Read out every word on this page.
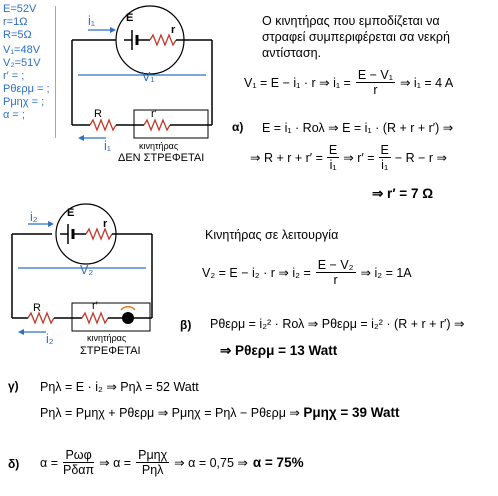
E=52V
r=1Ω
R=5Ω
V₁=48V
V₂=51V
r′ = ;
Pθερμ = ;
Pμηχ = ;
α = ;
i₁	E
r
V₁
R	r′
κινητήρας
i₁
ΔΕΝ ΣΤΡΕΦΕΤΑΙ
Ο κινητήρας που εμποδίζεται να
στραφεί συμπεριφέρεται σα νεκρή
αντίσταση.
V₁ = E − i₁ · r ⇒ $i_1 = \frac{\text{E − V₁}}{r}$ ⇒ i₁ = 4 A
α) E = i₁ · Rολ ⇒ E = i₁ · (R + r + r′) ⇒
⇒ $R + r + r' = \frac{E}{\text{i₁}}$ ⇒ $r' = \frac{E}{\text{i₁}} - R - r$ ⇒
⇒ r′ = 7 Ω
i₂	E
r
V₂
R	r′
κινητήρας
i₂
ΣΤΡΕΦΕΤΑΙ
Κινητήρας σε λειτουργία
V₂ = E − i₂ · r ⇒ $i_2 = \frac{\text{E − V₂}}{r}$ ⇒ i₂ = 1A
β) Pθερμ = i₂² · Rολ ⇒ Pθερμ = i₂² · (R + r + r′) ⇒
⇒ Pθερμ = 13 Watt
γ) Pηλ = E · i₂ ⇒ Pηλ = 52 Watt
Pηλ = Pμηχ + Pθερμ ⇒ Pμηχ = Pηλ − Pθερμ ⇒ Pμηχ = 39 Watt
δ) α =
Pωφ
Pδαπ ⇒ α =
Pμηχ
Pηλ ⇒ α = 0,75 ⇒ α = 75%
